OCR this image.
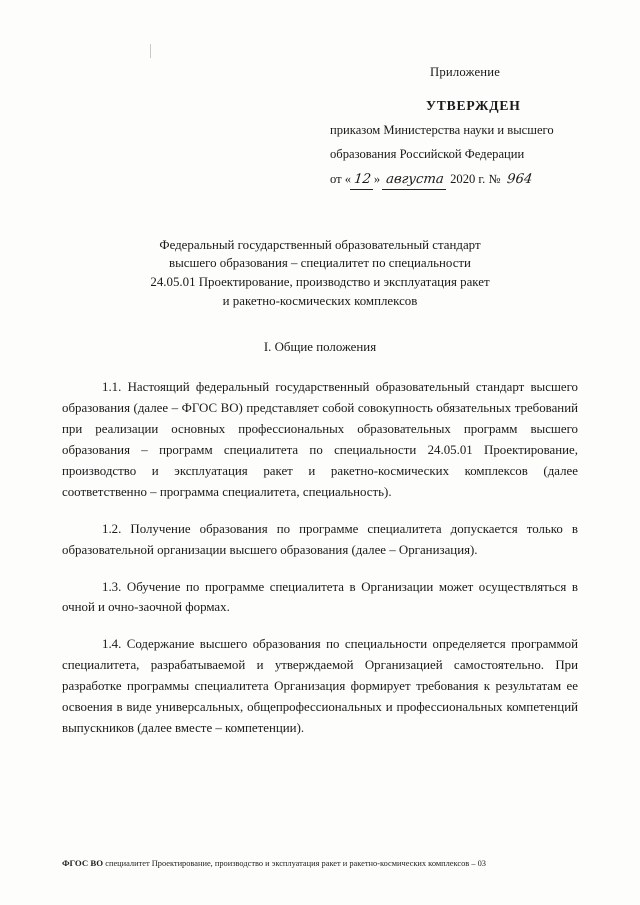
Приложение
УТВЕРЖДЕН
приказом Министерства науки и высшего
образования Российской Федерации
от « 12 » августа 2020 г. № 964
Федеральный государственный образовательный стандарт
высшего образования – специалитет по специальности
24.05.01 Проектирование, производство и эксплуатация ракет
и ракетно-космических комплексов
I. Общие положения

1.1. Настоящий федеральный государственный образовательный стандарт высшего образования (далее – ФГОС ВО) представляет собой совокупность обязательных требований при реализации основных профессиональных образовательных программ высшего образования – программ специалитета по специальности 24.05.01 Проектирование, производство и эксплуатация ракет и ракетно-космических комплексов (далее соответственно – программа специалитета, специальность).

1.2. Получение образования по программе специалитета допускается только в образовательной организации высшего образования (далее – Организация).

1.3. Обучение по программе специалитета в Организации может осуществляться в очной и очно-заочной формах.

1.4. Содержание высшего образования по специальности определяется программой специалитета, разрабатываемой и утверждаемой Организацией самостоятельно. При разработке программы специалитета Организация формирует требования к результатам ее освоения в виде универсальных, общепрофессиональных и профессиональных компетенций выпускников (далее вместе – компетенции).

ФГОС ВО специалитет Проектирование, производство и эксплуатация ракет и ракетно-космических комплексов – 03
